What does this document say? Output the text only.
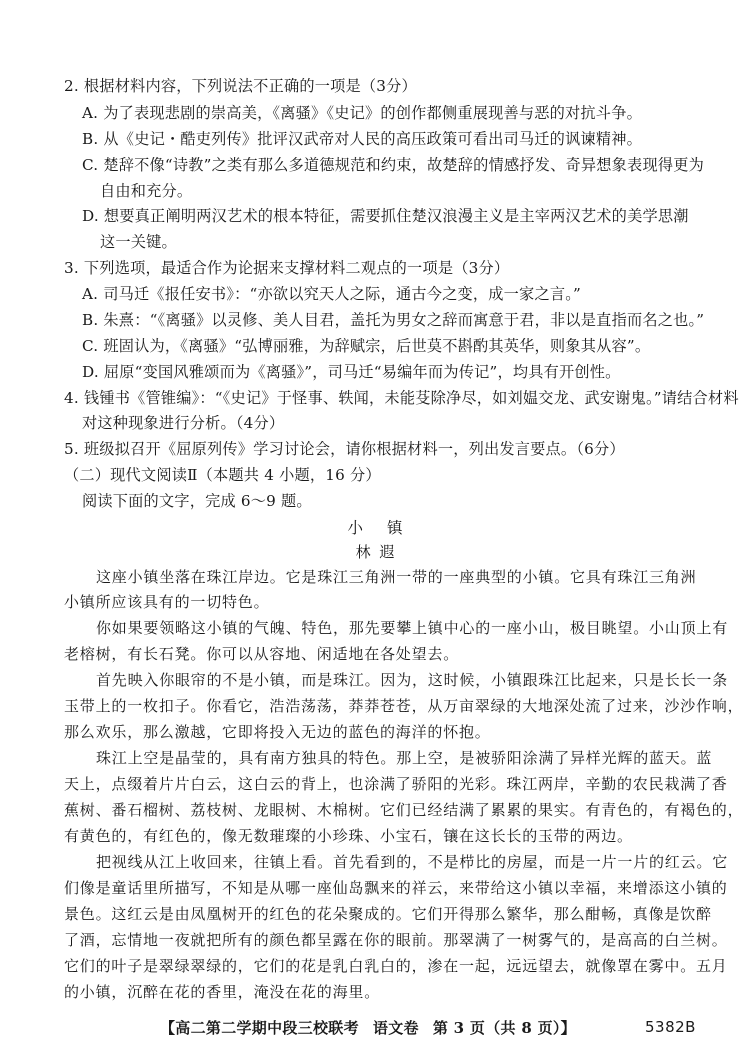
2. 根据材料内容，下列说法不正确的一项是（3分）
A. 为了表现悲剧的崇高美，《离骚》《史记》的创作都侧重展现善与恶的对抗斗争。
B. 从《史记・酷吏列传》批评汉武帝对人民的高压政策可看出司马迁的讽谏精神。
C. 楚辞不像“诗教”之类有那么多道德规范和约束，故楚辞的情感抒发、奇异想象表现得更为
自由和充分。
D. 想要真正阐明两汉艺术的根本特征，需要抓住楚汉浪漫主义是主宰两汉艺术的美学思潮
这一关键。
3. 下列选项，最适合作为论据来支撑材料二观点的一项是（3分）
A. 司马迁《报任安书》：“亦欲以究天人之际，通古今之变，成一家之言。”
B. 朱熹：“《离骚》以灵修、美人目君，盖托为男女之辞而寓意于君，非以是直指而名之也。”
C. 班固认为，《离骚》“弘博丽雅，为辞赋宗，后世莫不斟酌其英华，则象其从容”。
D. 屈原“变国风雅颂而为《离骚》”，司马迁“易编年而为传记”，均具有开创性。
4. 钱锺书《管锥编》：“《史记》于怪事、轶闻，未能芟除净尽，如刘媪交龙、武安谢鬼。”请结合材料
对这种现象进行分析。（4分）
5. 班级拟召开《屈原列传》学习讨论会，请你根据材料一，列出发言要点。（6分）
（二）现代文阅读Ⅱ（本题共 4 小题，16 分）
阅读下面的文字，完成 6～9 题。
小 镇
林 遐
这座小镇坐落在珠江岸边。它是珠江三角洲一带的一座典型的小镇。它具有珠江三角洲
小镇所应该具有的一切特色。
你如果要领略这小镇的气魄、特色，那先要攀上镇中心的一座小山，极目眺望。小山顶上有
老榕树，有长石凳。你可以从容地、闲适地在各处望去。
首先映入你眼帘的不是小镇，而是珠江。因为，这时候，小镇跟珠江比起来，只是长长一条
玉带上的一枚扣子。你看它，浩浩荡荡，莽莽苍苍，从万亩翠绿的大地深处流了过来，沙沙作响，
那么欢乐，那么激越，它即将投入无边的蓝色的海洋的怀抱。
珠江上空是晶莹的，具有南方独具的特色。那上空，是被骄阳涂满了异样光辉的蓝天。蓝
天上，点缀着片片白云，这白云的背上，也涂满了骄阳的光彩。珠江两岸，辛勤的农民栽满了香
蕉树、番石榴树、荔枝树、龙眼树、木棉树。它们已经结满了累累的果实。有青色的，有褐色的，
有黄色的，有红色的，像无数璀璨的小珍珠、小宝石，镶在这长长的玉带的两边。
把视线从江上收回来，往镇上看。首先看到的，不是栉比的房屋，而是一片一片的红云。它
们像是童话里所描写，不知是从哪一座仙岛飘来的祥云，来带给这小镇以幸福，来增添这小镇的
景色。这红云是由凤凰树开的红色的花朵聚成的。它们开得那么繁华，那么酣畅，真像是饮醉
了酒，忘情地一夜就把所有的颜色都呈露在你的眼前。那翠满了一树雾气的，是高高的白兰树。
它们的叶子是翠绿翠绿的，它们的花是乳白乳白的，渗在一起，远远望去，就像罩在雾中。五月
的小镇，沉醉在花的香里，淹没在花的海里。
【高二第二学期中段三校联考 语文卷 第 3 页（共 8 页）】	5382B
